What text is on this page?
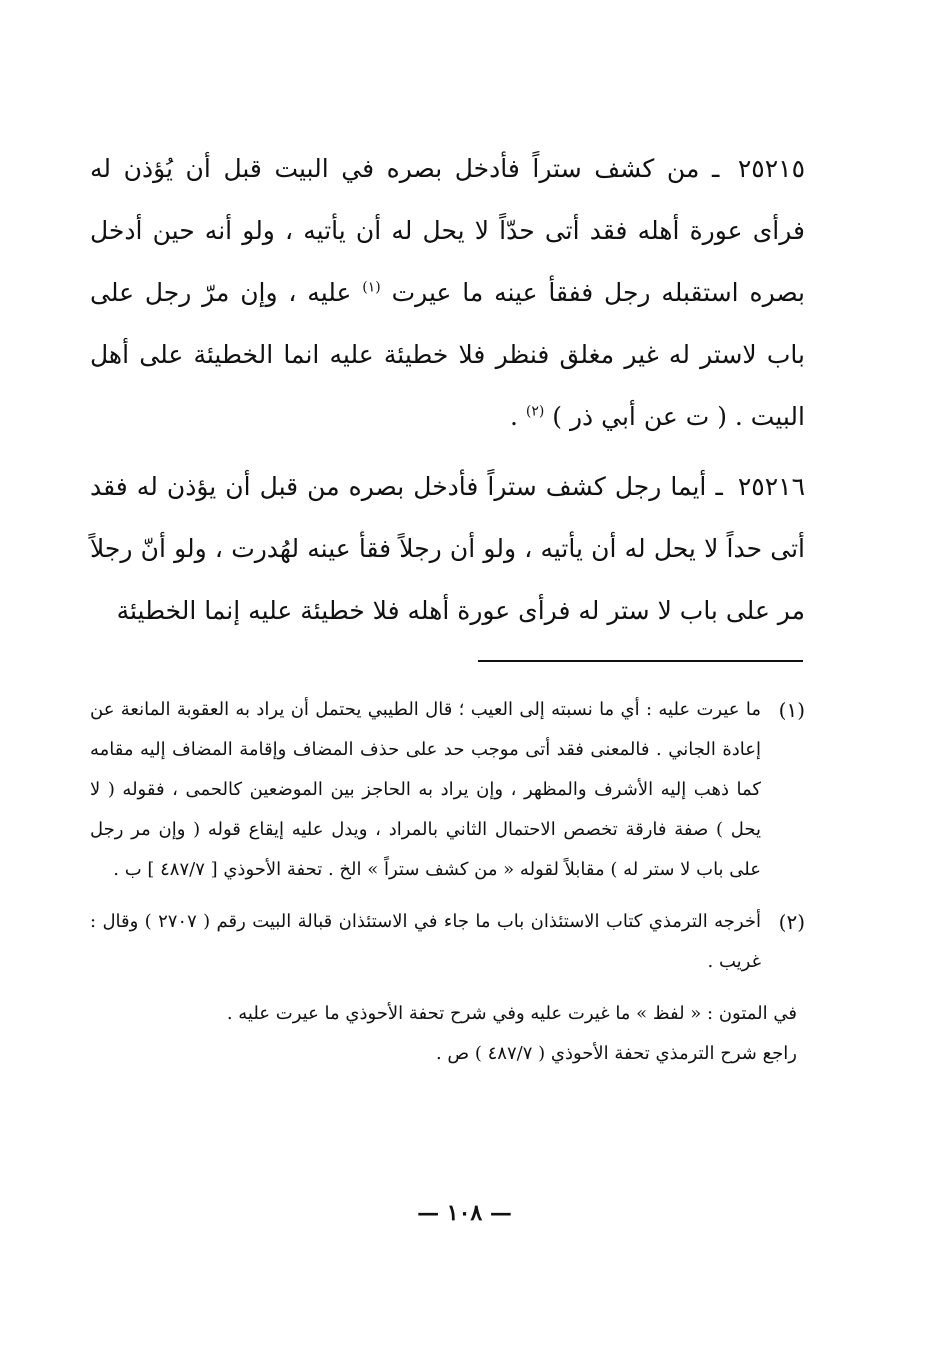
٢٥٢١٥ ـ من كشف ستراً فأدخل بصره في البيت قبل أن يُؤذن له فرأى عورة أهله فقد أتى حدّاً لا يحل له أن يأتيه ، ولو أنه حين أدخل بصره استقبله رجل ففقأ عينه ما عيرت $^{(١)}$ عليه ، وإن مرّ رجل على باب لاستر له غير مغلق فنظر فلا خطيئة عليه انما الخطيئة على أهل البيت . ( ت عن أبي ذر ) $^{(٢)}$ .

٢٥٢١٦ ـ أيما رجل كشف ستراً فأدخل بصره من قبل أن يؤذن له فقد أتى حداً لا يحل له أن يأتيه ، ولو أن رجلاً فقأ عينه لهُدرت ، ولو أنّ رجلاً مر على باب لا ستر له فرأى عورة أهله فلا خطيئة عليه إنما الخطيئة

(١)
ما عيرت عليه : أي ما نسبته إلى العيب ؛ قال الطيبي يحتمل أن يراد به العقوبة المانعة عن إعادة الجاني . فالمعنى فقد أتى موجب حد على حذف المضاف وإقامة المضاف إليه مقامه كما ذهب إليه الأشرف والمظهر ، وإن يراد به الحاجز بين الموضعين كالحمى ، فقوله ( لا يحل ) صفة فارقة تخصص الاحتمال الثاني بالمراد ، ويدل عليه إيقاع قوله ( وإن مر رجل على باب لا ستر له ) مقابلاً لقوله « من كشف ستراً » الخ . تحفة الأحوذي [ ٤٨٧/٧ ] ب .
(٢)
أخرجه الترمذي كتاب الاستئذان باب ما جاء في الاستئذان قبالة البيت رقم ( ٢٧٠٧ ) وقال : غريب .

في المتون : « لفظ » ما غيرت عليه وفي شرح تحفة الأحوذي ما عيرت عليه .

راجع شرح الترمذي تحفة الأحوذي ( ٤٨٧/٧ ) ص .

— ١٠٨ —
